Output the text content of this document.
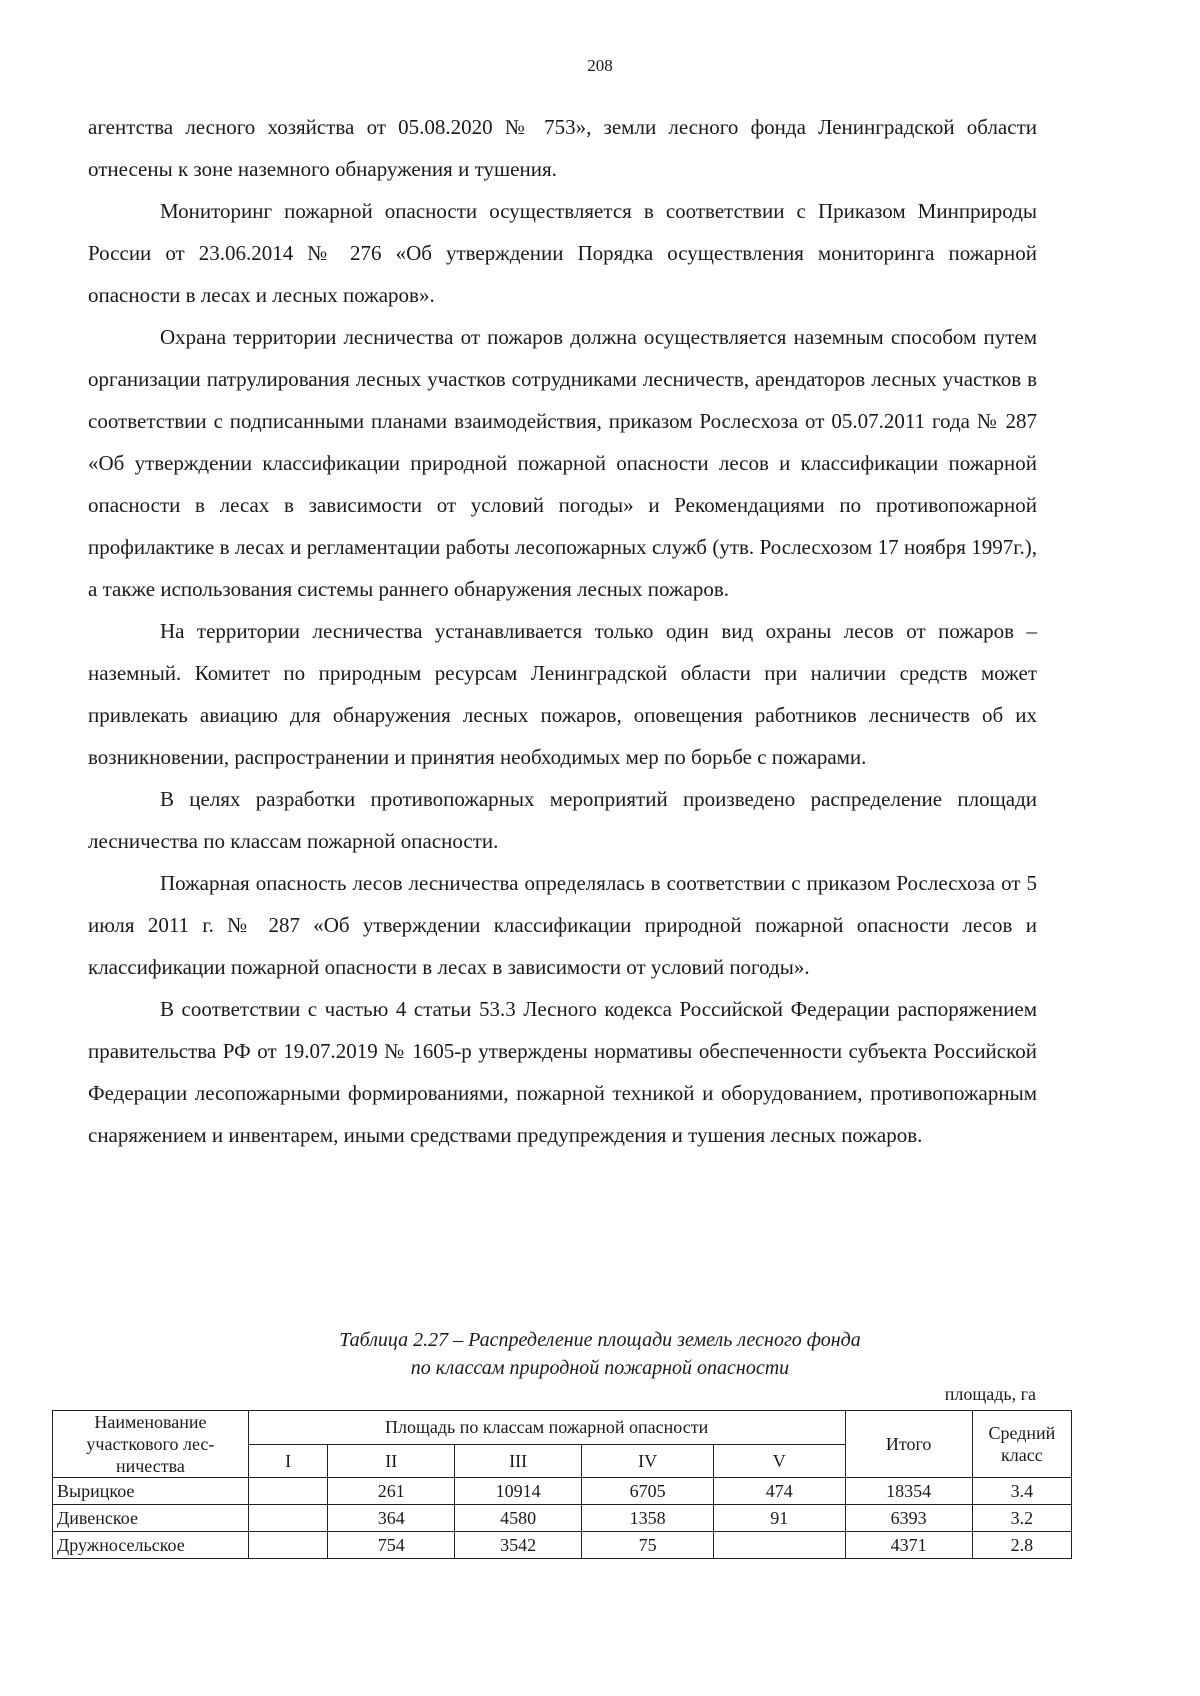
208

агентства лесного хозяйства от 05.08.2020 № 753», земли лесного фонда Ленинградской области отнесены к зоне наземного обнаружения и тушения.

Мониторинг пожарной опасности осуществляется в соответствии с Приказом Минприроды России от 23.06.2014 № 276 «Об утверждении Порядка осуществления мониторинга пожарной опасности в лесах и лесных пожаров».

Охрана территории лесничества от пожаров должна осуществляется наземным способом путем организации патрулирования лесных участков сотрудниками лесничеств, арендаторов лесных участков в соответствии с подписанными планами взаимодействия, приказом Рослесхоза от 05.07.2011 года № 287 «Об утверждении классификации природной пожарной опасности лесов и классификации пожарной опасности в лесах в зависимости от условий погоды» и Рекомендациями по противопожарной профилактике в лесах и регламентации работы лесопожарных служб (утв. Рослесхозом 17 ноября 1997г.), а также использования системы раннего обнаружения лесных пожаров.

На территории лесничества устанавливается только один вид охраны лесов от пожаров – наземный. Комитет по природным ресурсам Ленинградской области при наличии средств может привлекать авиацию для обнаружения лесных пожаров, оповещения работников лесничеств об их возникновении, распространении и принятия необходимых мер по борьбе с пожарами.

В целях разработки противопожарных мероприятий произведено распределение площади лесничества по классам пожарной опасности.

Пожарная опасность лесов лесничества определялась в соответствии с приказом Рослесхоза от 5 июля 2011 г. № 287 «Об утверждении классификации природной пожарной опасности лесов и классификации пожарной опасности в лесах в зависимости от условий погоды».

В соответствии с частью 4 статьи 53.3 Лесного кодекса Российской Федерации распоряжением правительства РФ от 19.07.2019 № 1605-р утверждены нормативы обеспеченности субъекта Российской Федерации лесопожарными формированиями, пожарной техникой и оборудованием, противопожарным снаряжением и инвентарем, иными средствами предупреждения и тушения лесных пожаров.

Таблица 2.27 – Распределение площади земель лесного фонда
по классам природной пожарной опасности
площадь, га
Наименование участкового лес-ничества	Площадь по классам пожарной опасности					Итого	Средний класс
	I	II	III	IV	V		
Вырицкое		261	10914	6705	474	18354	3.4
Дивенское		364	4580	1358	91	6393	3.2
Дружносельское		754	3542	75		4371	2.8
